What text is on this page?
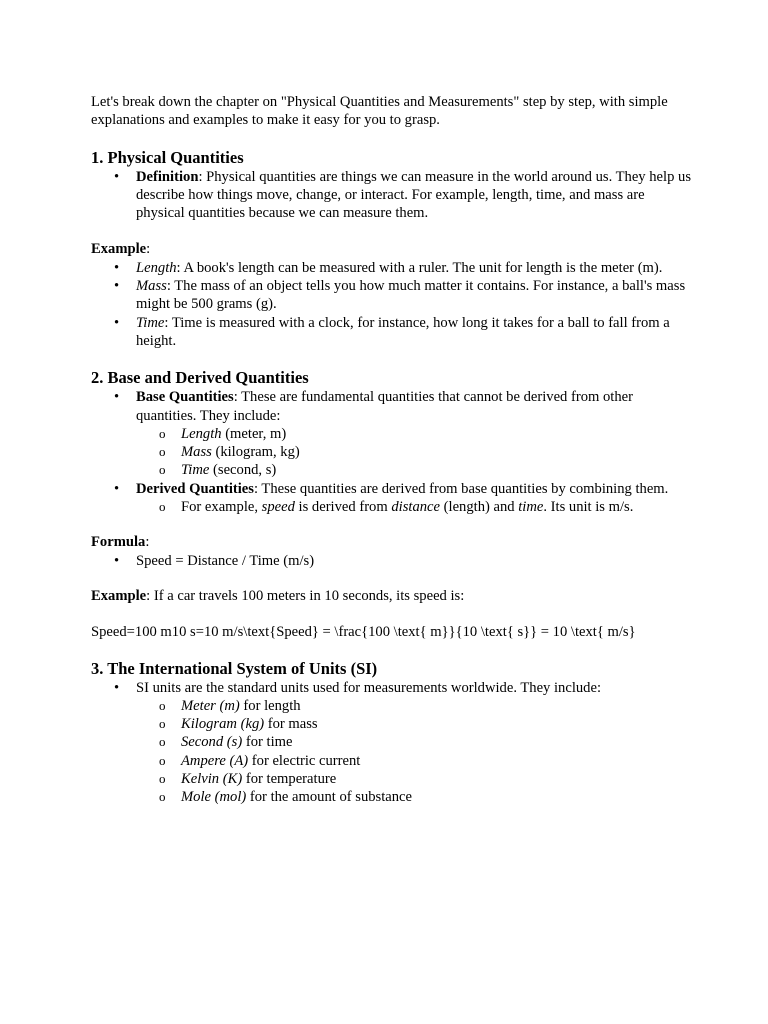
Let's break down the chapter on "Physical Quantities and Measurements" step by step, with simple explanations and examples to make it easy for you to grasp.

1. Physical Quantities
• Definition: Physical quantities are things we can measure in the world around us. They help us describe how things move, change, or interact. For example, length, time, and mass are physical quantities because we can measure them.

Example:

• Length: A book's length can be measured with a ruler. The unit for length is the meter (m).
• Mass: The mass of an object tells you how much matter it contains. For instance, a ball's mass might be 500 grams (g).
• Time: Time is measured with a clock, for instance, how long it takes for a ball to fall from a height.
2. Base and Derived Quantities
• Base Quantities: These are fundamental quantities that cannot be derived from other quantities. They include:
o Length (meter, m)
o Mass (kilogram, kg)
o Time (second, s)
• Derived Quantities: These quantities are derived from base quantities by combining them.
o For example, speed is derived from distance (length) and time. Its unit is m/s.

Formula:

• Speed = Distance / Time (m/s)

Example: If a car travels 100 meters in 10 seconds, its speed is:

Speed=100 m10 s=10 m/s\text{Speed} = \frac{100 \text{ m}}{10 \text{ s}} = 10 \text{ m/s}

3. The International System of Units (SI)
• SI units are the standard units used for measurements worldwide. They include:
o Meter (m) for length
o Kilogram (kg) for mass
o Second (s) for time
o Ampere (A) for electric current
o Kelvin (K) for temperature
o Mole (mol) for the amount of substance
